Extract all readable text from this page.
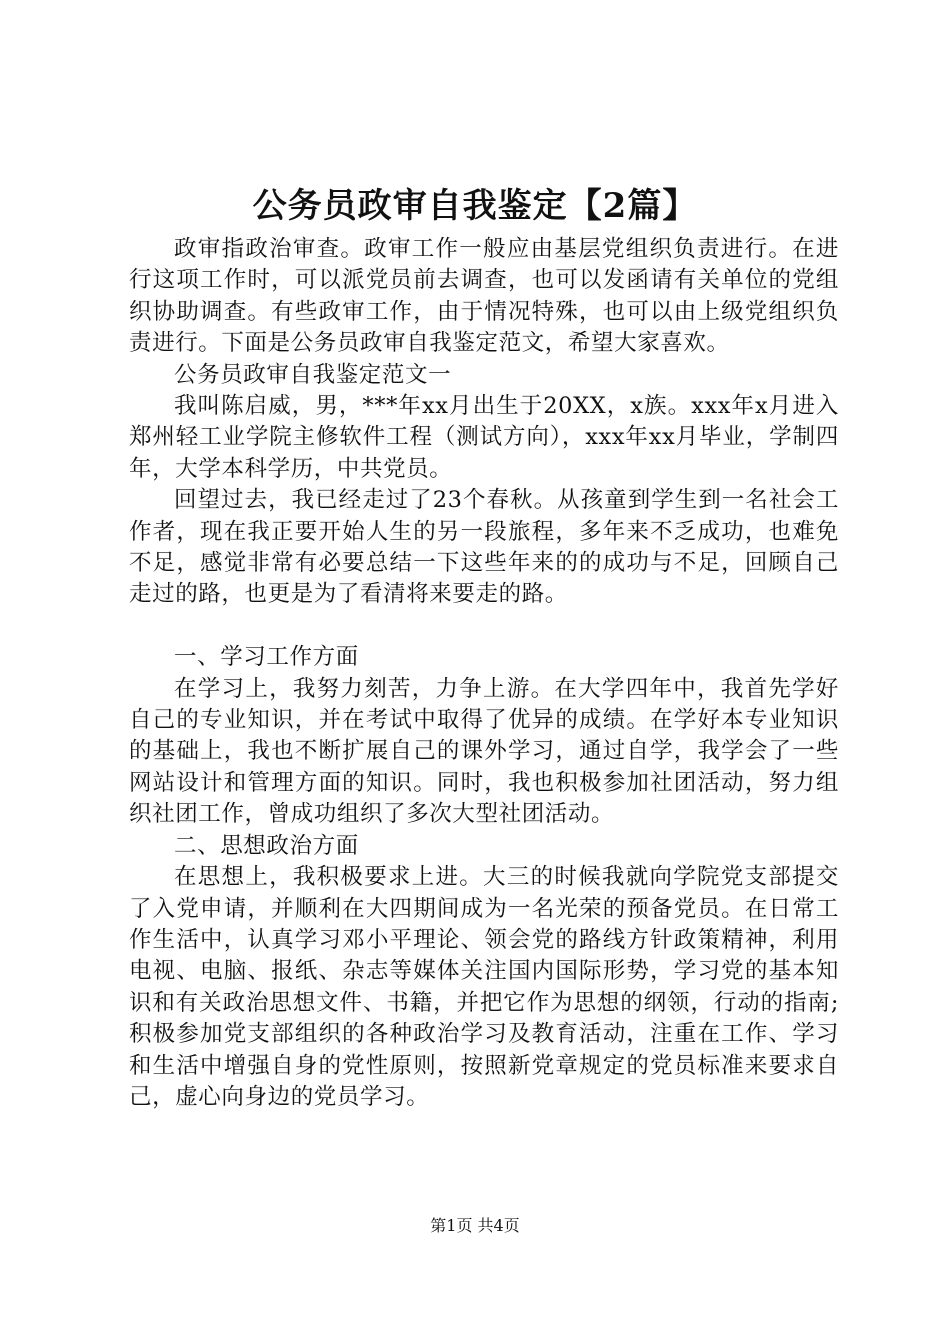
公务员政审自我鉴定【2篇】

政审指政治审查。政审工作一般应由基层党组织负责进行。在进行这项工作时，可以派党员前去调查，也可以发函请有关单位的党组织协助调查。有些政审工作，由于情况特殊，也可以由上级党组织负责进行。下面是公务员政审自我鉴定范文，希望大家喜欢。

公务员政审自我鉴定范文一

我叫陈启威，男，***年xx月出生于20XX，x族。xxx年x月进入郑州轻工业学院主修软件工程（测试方向），xxx年xx月毕业，学制四年，大学本科学历，中共党员。

回望过去，我已经走过了23个春秋。从孩童到学生到一名社会工作者，现在我正要开始人生的另一段旅程，多年来不乏成功，也难免不足，感觉非常有必要总结一下这些年来的的成功与不足，回顾自己走过的路，也更是为了看清将来要走的路。

一、学习工作方面

在学习上，我努力刻苦，力争上游。在大学四年中，我首先学好自己的专业知识，并在考试中取得了优异的成绩。在学好本专业知识的基础上，我也不断扩展自己的课外学习，通过自学，我学会了一些网站设计和管理方面的知识。同时，我也积极参加社团活动，努力组织社团工作，曾成功组织了多次大型社团活动。

二、思想政治方面

在思想上，我积极要求上进。大三的时候我就向学院党支部提交了入党申请，并顺利在大四期间成为一名光荣的预备党员。在日常工作生活中，认真学习邓小平理论、领会党的路线方针政策精神，利用电视、电脑、报纸、杂志等媒体关注国内国际形势，学习党的基本知识和有关政治思想文件、书籍，并把它作为思想的纲领，行动的指南;积极参加党支部组织的各种政治学习及教育活动，注重在工作、学习和生活中增强自身的党性原则，按照新党章规定的党员标准来要求自己，虚心向身边的党员学习。

第1页 共4页
